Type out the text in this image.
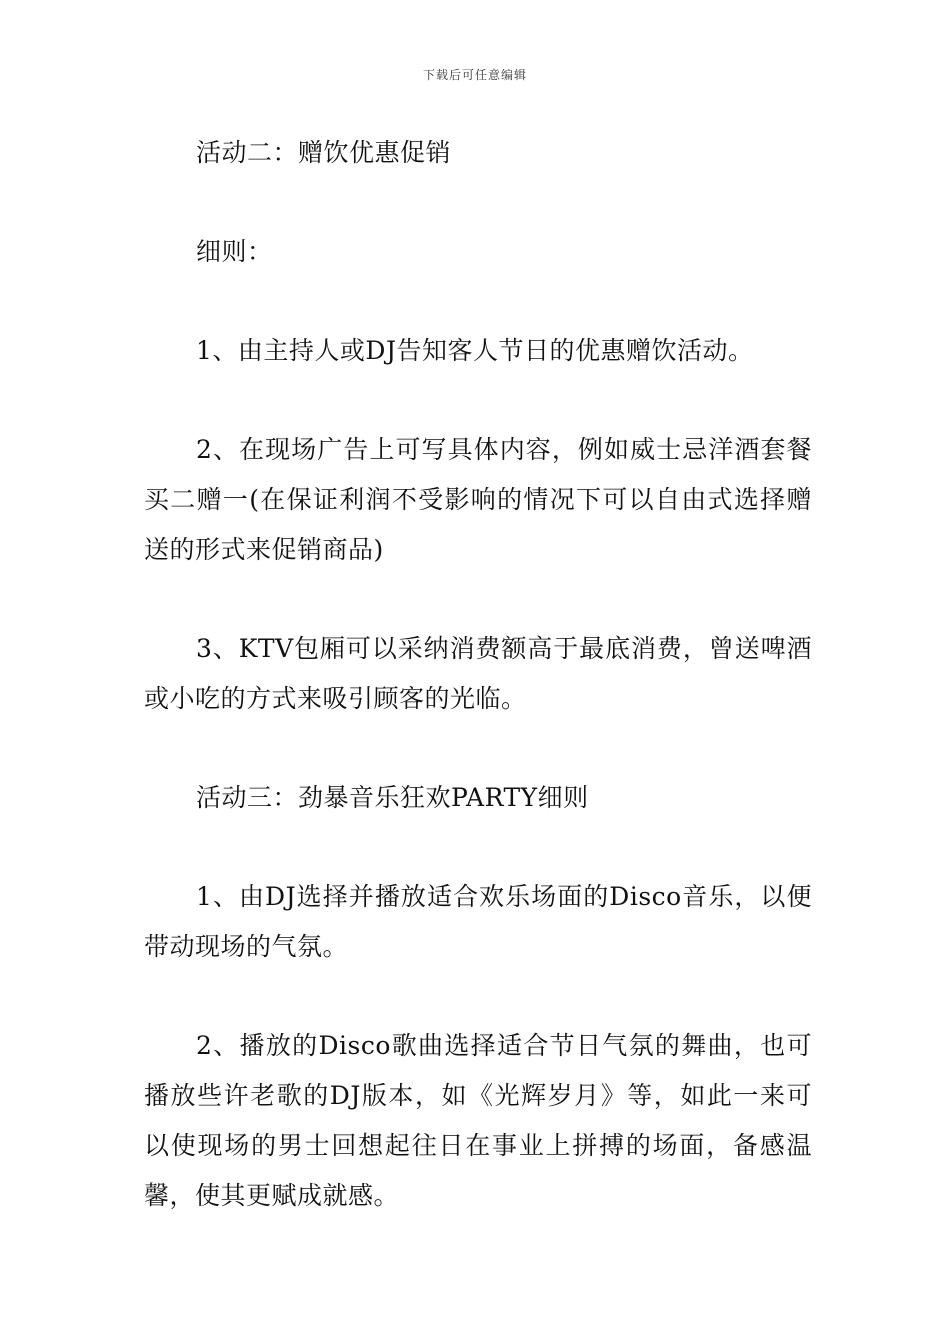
下载后可任意编辑

活动二：赠饮优惠促销

细则：

1、由主持人或DJ告知客人节日的优惠赠饮活动。

2、在现场广告上可写具体内容，例如威士忌洋酒套餐买二赠一(在保证利润不受影响的情况下可以自由式选择赠送的形式来促销商品)

3、KTV包厢可以采纳消费额高于最底消费，曾送啤酒或小吃的方式来吸引顾客的光临。

活动三：劲暴音乐狂欢PARTY细则

1、由DJ选择并播放适合欢乐场面的Disco音乐，以便带动现场的气氛。

2、播放的Disco歌曲选择适合节日气氛的舞曲，也可播放些许老歌的DJ版本，如《光辉岁月》等，如此一来可以使现场的男士回想起往日在事业上拼搏的场面，备感温馨，使其更赋成就感。
